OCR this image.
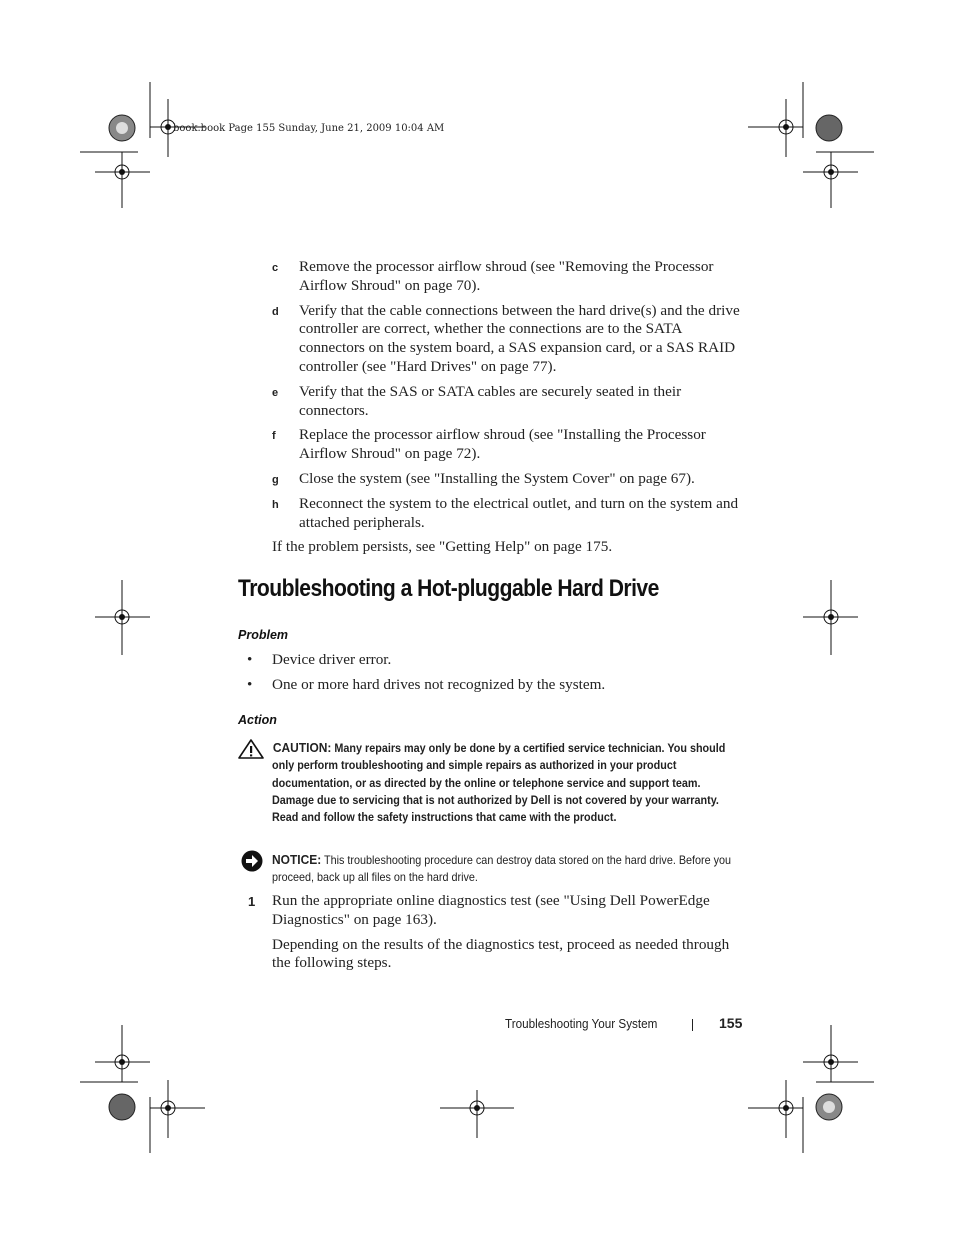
book.book Page 155 Sunday, June 21, 2009 10:04 AM
c Remove the processor airflow shroud (see "Removing the Processor Airflow Shroud" on page 70).
d Verify that the cable connections between the hard drive(s) and the drive controller are correct, whether the connections are to the SATA connectors on the system board, a SAS expansion card, or a SAS RAID controller (see "Hard Drives" on page 77).
e Verify that the SAS or SATA cables are securely seated in their connectors.
f Replace the processor airflow shroud (see "Installing the Processor Airflow Shroud" on page 72).
g Close the system (see "Installing the System Cover" on page 67).
h Reconnect the system to the electrical outlet, and turn on the system and attached peripherals.
If the problem persists, see "Getting Help" on page 175.
Troubleshooting a Hot-pluggable Hard Drive
Problem
• Device driver error.
• One or more hard drives not recognized by the system.
Action
CAUTION: Many repairs may only be done by a certified service technician. You should only perform troubleshooting and simple repairs as authorized in your product documentation, or as directed by the online or telephone service and support team. Damage due to servicing that is not authorized by Dell is not covered by your warranty. Read and follow the safety instructions that came with the product.
NOTICE: This troubleshooting procedure can destroy data stored on the hard drive. Before you proceed, back up all files on the hard drive.
1 Run the appropriate online diagnostics test (see "Using Dell PowerEdge Diagnostics" on page 163).
Depending on the results of the diagnostics test, proceed as needed through the following steps.
Troubleshooting Your System	155
